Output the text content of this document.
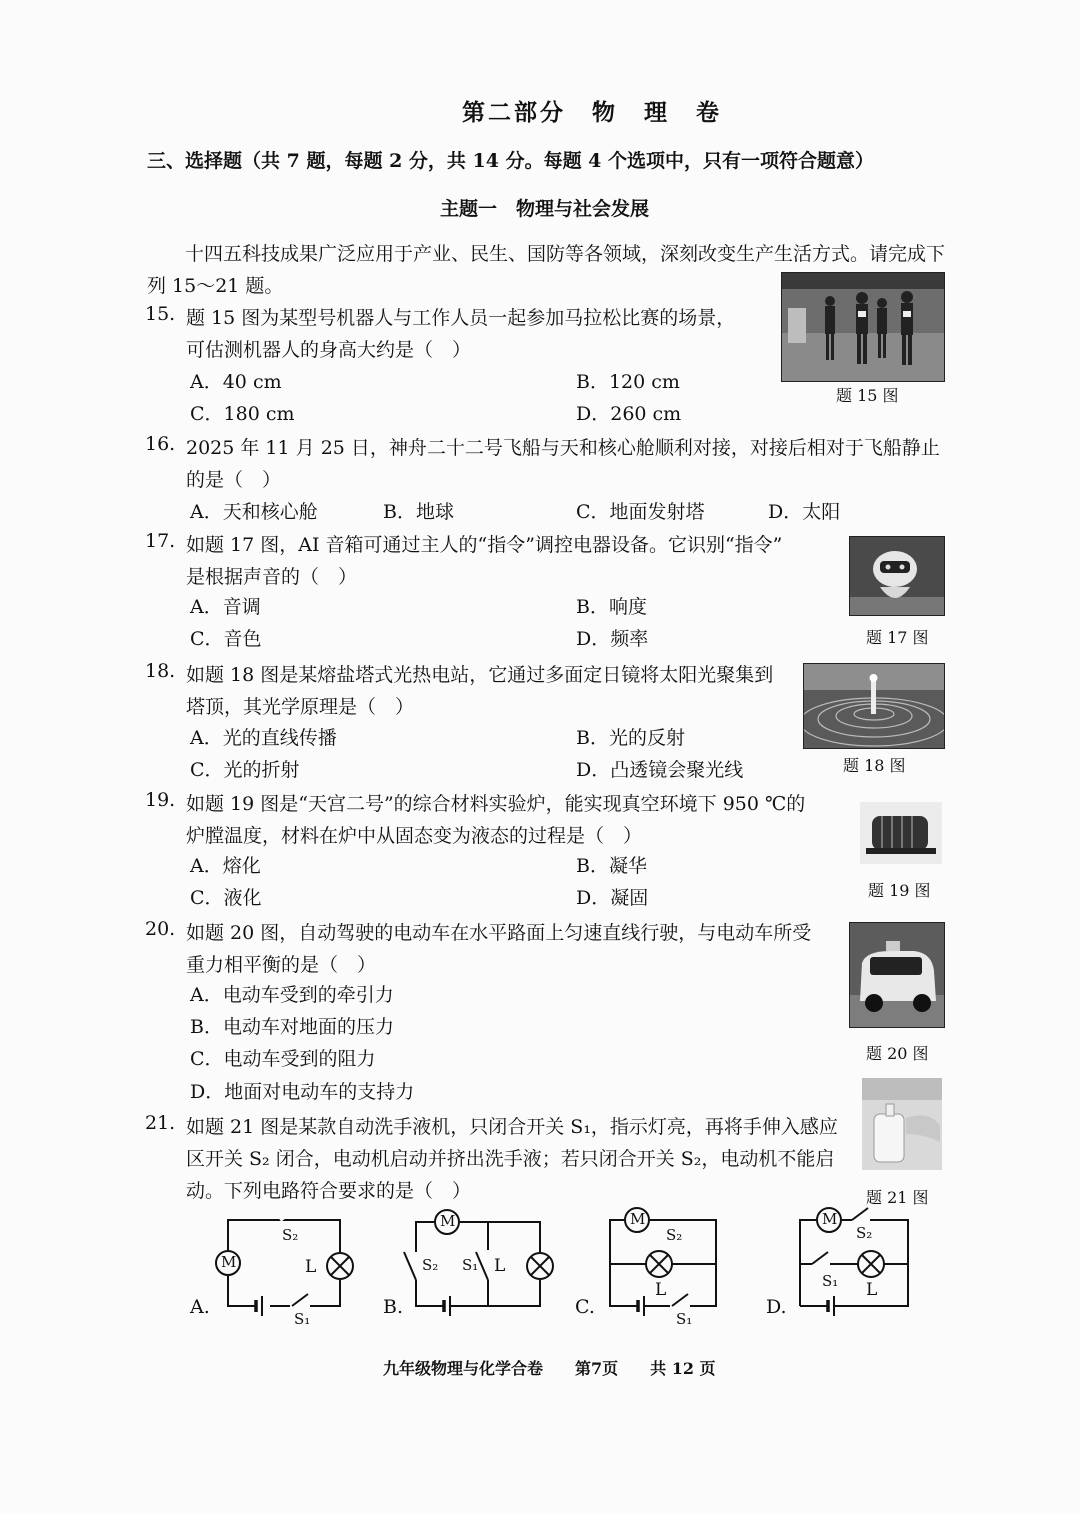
第二部分　物　理　卷
三、选择题（共 7 题，每题 2 分，共 14 分。每题 4 个选项中，只有一项符合题意）
主题一　物理与社会发展
十四五科技成果广泛应用于产业、民生、国防等各领域，深刻改变生产生活方式。请完成下
列 15～21 题。
15. 题 15 图为某型号机器人与工作人员一起参加马拉松比赛的场景，
可估测机器人的身高大约是（　）
A．40 cm	B．120 cm
C．180 cm	D．260 cm
题 15 图
16. 2025 年 11 月 25 日，神舟二十二号飞船与天和核心舱顺利对接，对接后相对于飞船静止
的是（　）
A．天和核心舱	B．地球	C．地面发射塔	D．太阳
17. 如题 17 图，AI 音箱可通过主人的“指令”调控电器设备。它识别“指令”
是根据声音的（　）
A．音调	B．响度
C．音色	D．频率	题 17 图
18. 如题 18 图是某熔盐塔式光热电站，它通过多面定日镜将太阳光聚集到
塔顶，其光学原理是（　）
A．光的直线传播	B．光的反射
C．光的折射	D．凸透镜会聚光线	题 18 图
19. 如题 19 图是“天宫二号”的综合材料实验炉，能实现真空环境下 950 ℃的
炉膛温度，材料在炉中从固态变为液态的过程是（　）
A．熔化	B．凝华
C．液化	D．凝固	题 19 图
20. 如题 20 图，自动驾驶的电动车在水平路面上匀速直线行驶，与电动车所受
重力相平衡的是（　）
A．电动车受到的牵引力
B．电动车对地面的压力
C．电动车受到的阻力
D．地面对电动车的支持力
题 20 图
21. 如题 21 图是某款自动洗手液机，只闭合开关 S₁，指示灯亮，再将手伸入感应
区开关 S₂ 闭合，电动机启动并挤出洗手液；若只闭合开关 S₂，电动机不能启
动。下列电路符合要求的是（　）	题 21 图
A.	B.	C.	D.
S₂
M	L
S₁
M
S₂ S₁ L
M
S₂
L
S₁
M
S₂
S₁ L
九年级物理与化学合卷　　第7页　　共 12 页
